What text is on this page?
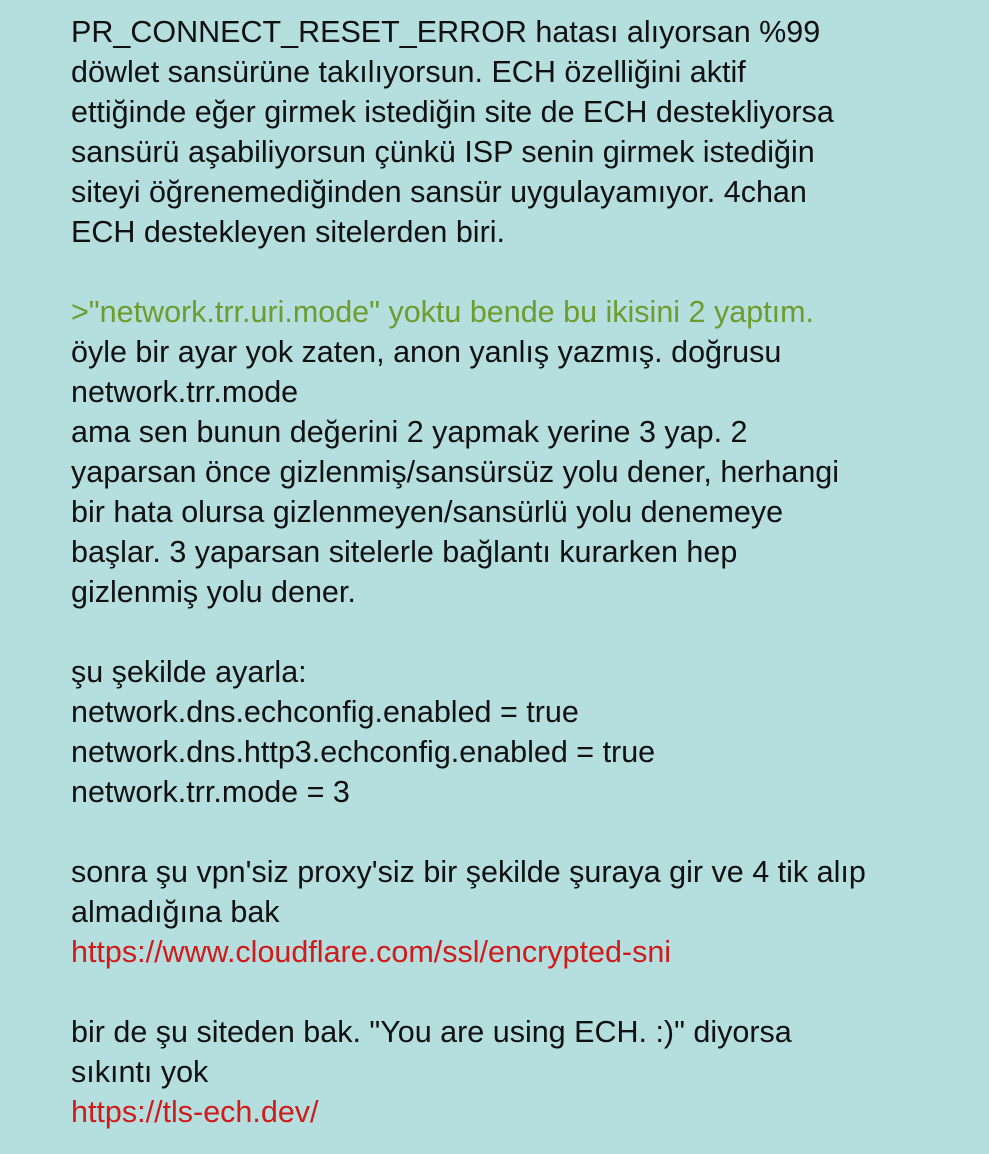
PR_CONNECT_RESET_ERROR hatası alıyorsan %99
döwlet sansürüne takılıyorsun. ECH özelliğini aktif
ettiğinde eğer girmek istediğin site de ECH destekliyorsa
sansürü aşabiliyorsun çünkü ISP senin girmek istediğin
siteyi öğrenemediğinden sansür uygulayamıyor. 4chan
ECH destekleyen sitelerden biri.
>"network.trr.uri.mode" yoktu bende bu ikisini 2 yaptım.
öyle bir ayar yok zaten, anon yanlış yazmış. doğrusu
network.trr.mode
ama sen bunun değerini 2 yapmak yerine 3 yap. 2
yaparsan önce gizlenmiş/sansürsüz yolu dener, herhangi
bir hata olursa gizlenmeyen/sansürlü yolu denemeye
başlar. 3 yaparsan sitelerle bağlantı kurarken hep
gizlenmiş yolu dener.
şu şekilde ayarla:
network.dns.echconfig.enabled = true
network.dns.http3.echconfig.enabled = true
network.trr.mode = 3
sonra şu vpn'siz proxy'siz bir şekilde şuraya gir ve 4 tik alıp
almadığına bak
https://www.cloudflare.com/ssl/encrypted-sni
bir de şu siteden bak. "You are using ECH. :)" diyorsa
sıkıntı yok
https://tls-ech.dev/
